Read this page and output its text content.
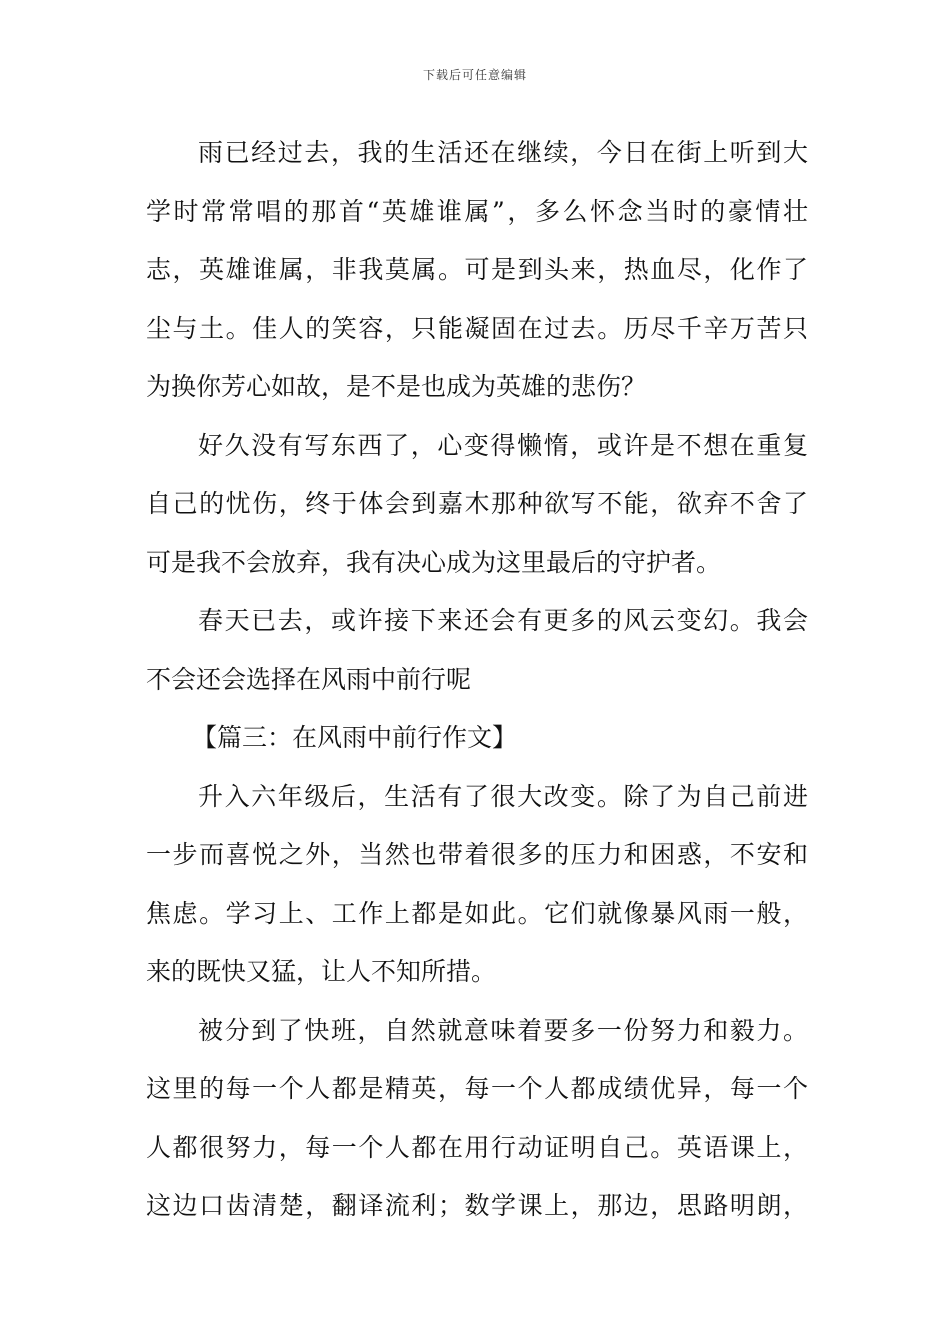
下载后可任意编辑
雨已经过去，我的生活还在继续，今日在街上听到大
学时常常唱的那首“英雄谁属”，多么怀念当时的豪情壮
志，英雄谁属，非我莫属。可是到头来，热血尽，化作了
尘与土。佳人的笑容，只能凝固在过去。历尽千辛万苦只
为换你芳心如故，是不是也成为英雄的悲伤？
好久没有写东西了，心变得懒惰，或许是不想在重复
自己的忧伤，终于体会到嘉木那种欲写不能，欲弃不舍了
可是我不会放弃，我有决心成为这里最后的守护者。
春天已去，或许接下来还会有更多的风云变幻。我会
不会还会选择在风雨中前行呢
【篇三：在风雨中前行作文】
升入六年级后，生活有了很大改变。除了为自己前进
一步而喜悦之外，当然也带着很多的压力和困惑，不安和
焦虑。学习上、工作上都是如此。它们就像暴风雨一般，
来的既快又猛，让人不知所措。
被分到了快班，自然就意味着要多一份努力和毅力。
这里的每一个人都是精英，每一个人都成绩优异，每一个
人都很努力，每一个人都在用行动证明自己。英语课上，
这边口齿清楚，翻译流利；数学课上，那边，思路明朗，
